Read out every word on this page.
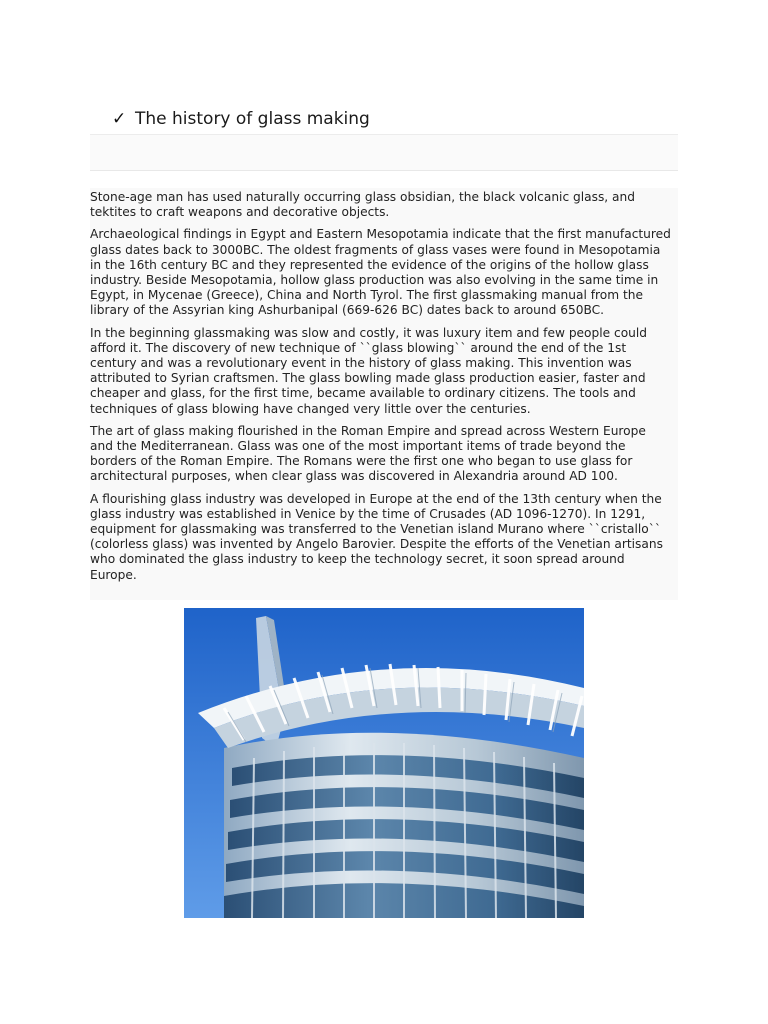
✓ The history of glass making

Stone-age man has used naturally occurring glass obsidian, the black volcanic glass, and tektites to craft weapons and decorative objects.

Archaeological findings in Egypt and Eastern Mesopotamia indicate that the first manufactured glass dates back to 3000BC. The oldest fragments of glass vases were found in Mesopotamia in the 16th century BC and they represented the evidence of the origins of the hollow glass industry. Beside Mesopotamia, hollow glass production was also evolving in the same time in Egypt, in Mycenae (Greece), China and North Tyrol. The first glassmaking manual from the library of the Assyrian king Ashurbanipal (669-626 BC) dates back to around 650BC.

In the beginning glassmaking was slow and costly, it was luxury item and few people could afford it. The discovery of new technique of ``glass blowing`` around the end of the 1st century and was a revolutionary event in the history of glass making. This invention was attributed to Syrian craftsmen. The glass bowling made glass production easier, faster and cheaper and glass, for the first time, became available to ordinary citizens. The tools and techniques of glass blowing have changed very little over the centuries.

The art of glass making flourished in the Roman Empire and spread across Western Europe and the Mediterranean. Glass was one of the most important items of trade beyond the borders of the Roman Empire. The Romans were the first one who began to use glass for architectural purposes, when clear glass was discovered in Alexandria around AD 100.

A flourishing glass industry was developed in Europe at the end of the 13th century when the glass industry was established in Venice by the time of Crusades (AD 1096-1270). In 1291, equipment for glassmaking was transferred to the Venetian island Murano where ``cristallo`` (colorless glass) was invented by Angelo Barovier. Despite the efforts of the Venetian artisans who dominated the glass industry to keep the technology secret, it soon spread around Europe.
